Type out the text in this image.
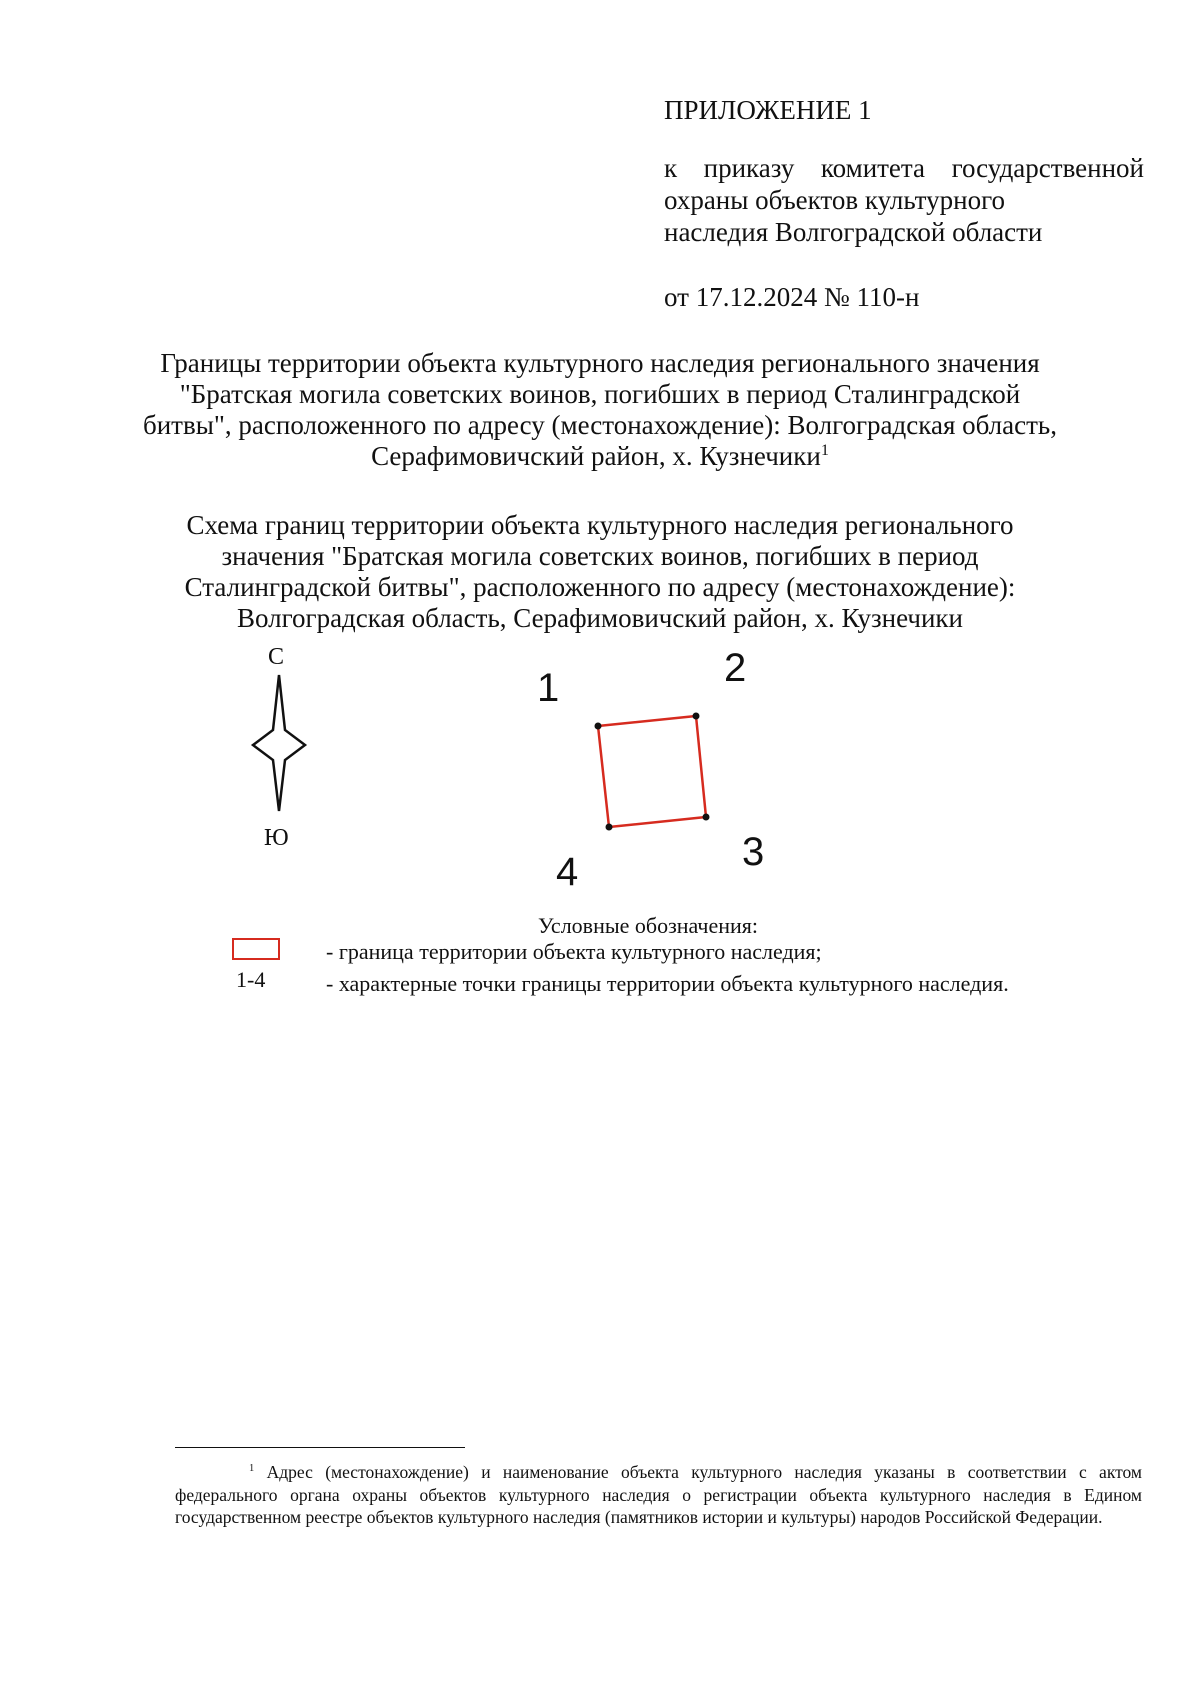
ПРИЛОЖЕНИЕ 1
к приказу комитета государственной
охраны объектов культурного
наследия Волгоградской области
от 17.12.2024 № 110-н
Границы территории объекта культурного наследия регионального значения
"Братская могила советских воинов, погибших в период Сталинградской
битвы", расположенного по адресу (местонахождение): Волгоградская область,
Серафимовичский район, х. Кузнечики$^1$
Схема границ территории объекта культурного наследия регионального
значения "Братская могила советских воинов, погибших в период
Сталинградской битвы", расположенного по адресу (местонахождение):
Волгоградская область, Серафимовичский район, х. Кузнечики
С
Ю
1	2
3
4
Условные обозначения:
- граница территории объекта культурного наследия;
1-4	- характерные точки границы территории объекта культурного наследия.
$^1$ Адрес (местонахождение) и наименование объекта культурного наследия указаны в соответствии с актом федерального органа охраны объектов культурного наследия о регистрации объекта культурного наследия в Едином государственном реестре объектов культурного наследия (памятников истории и культуры) народов Российской Федерации.
